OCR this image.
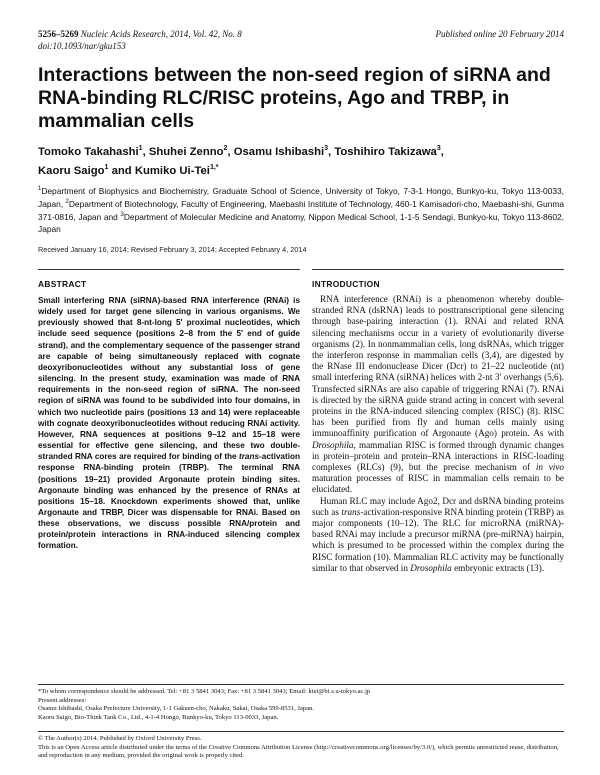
5256–5269 Nucleic Acids Research, 2014, Vol. 42, No. 8	Published online 20 February 2014
doi:10.1093/nar/gku153
Interactions between the non-seed region of siRNA and RNA-binding RLC/RISC proteins, Ago and TRBP, in mammalian cells
Tomoko Takahashi$^1$, Shuhei Zenno$^2$, Osamu Ishibashi$^3$, Toshihiro Takizawa$^3$,
Kaoru Saigo$^1$ and Kumiko Ui-Tei$^{1,*}$
$^1$Department of Biophysics and Biochemistry, Graduate School of Science, University of Tokyo, 7-3-1 Hongo, Bunkyo-ku, Tokyo 113-0033, Japan, $^2$Department of Biotechnology, Faculty of Engineering, Maebashi Institute of Technology, 460-1 Kamisadori-cho, Maebashi-shi, Gunma 371-0816, Japan and $^3$Department of Molecular Medicine and Anatomy, Nippon Medical School, 1-1-5 Sendagi, Bunkyo-ku, Tokyo 113-8602, Japan
Received January 16, 2014; Revised February 3, 2014; Accepted February 4, 2014
ABSTRACT	INTRODUCTION

Small interfering RNA (siRNA)-based RNA interference (RNAi) is widely used for target gene silencing in various organisms. We previously showed that 8-nt-long 5′ proximal nucleotides, which include seed sequence (positions 2–8 from the 5′ end of guide strand), and the complementary sequence of the passenger strand are capable of being simultaneously replaced with cognate deoxyribonucleotides without any substantial loss of gene silencing. In the present study, examination was made of RNA requirements in the non-seed region of siRNA. The non-seed region of siRNA was found to be subdivided into four domains, in which two nucleotide pairs (positions 13 and 14) were replaceable with cognate deoxyribonucleotides without reducing RNAi activity. However, RNA sequences at positions 9–12 and 15–18 were essential for effective gene silencing, and these two double-stranded RNA cores are required for binding of the trans-activation response RNA-binding protein (TRBP). The terminal RNA (positions 19–21) provided Argonaute protein binding sites. Argonaute binding was enhanced by the presence of RNAs at positions 15–18. Knockdown experiments showed that, unlike Argonaute and TRBP, Dicer was dispensable for RNAi. Based on these observations, we discuss possible RNA/protein and protein/protein interactions in RNA-induced silencing complex formation.

RNA interference (RNAi) is a phenomenon whereby double-stranded RNA (dsRNA) leads to posttranscriptional gene silencing through base-pairing interaction (1). RNAi and related RNA silencing mechanisms occur in a variety of evolutionarily diverse organisms (2). In nonmammalian cells, long dsRNAs, which trigger the interferon response in mammalian cells (3,4), are digested by the RNase III endonuclease Dicer (Dcr) to 21–22 nucleotide (nt) small interfering RNA (siRNA) helices with 2-nt 3′ overhangs (5,6). Transfected siRNAs are also capable of triggering RNAi (7). RNAi is directed by the siRNA guide strand acting in concert with several proteins in the RNA-induced silencing complex (RISC) (8). RISC has been purified from fly and human cells mainly using immunoaffinity purification of Argonaute (Ago) protein. As with Drosophila, mammalian RISC is formed through dynamic changes in protein–protein and protein–RNA interactions in RISC-loading complexes (RLCs) (9), but the precise mechanism of in vivo maturation processes of RISC in mammalian cells remain to be elucidated.

Human RLC may include Ago2, Dcr and dsRNA binding proteins such as trans-activation-responsive RNA binding protein (TRBP) as major components (10–12). The RLC for microRNA (miRNA)-based RNAi may include a precursor miRNA (pre-miRNA) hairpin, which is presumed to be processed within the complex during the RISC formation (10). Mammalian RLC activity may be functionally similar to that observed in Drosophila embryonic extracts (13).

*To whom correspondence should be addressed. Tel: +81 3 5841 3043; Fax: +81 3 5841 3043; Email: ktei@bi.s.u-tokyo.ac.jp

Present addresses:

Osamu Ishibashi, Osaka Prefecture University, 1-1 Gakuen-cho, Nakaku, Sakai, Osaka 599-8531, Japan.

Kaoru Saigo, Bio-Think Tank Co., Ltd., 4-1-4 Hongo, Bunkyo-ku, Tokyo 113-0033, Japan.

© The Author(s) 2014. Published by Oxford University Press.

This is an Open Access article distributed under the terms of the Creative Commons Attribution License (http://creativecommons.org/licenses/by/3.0/), which permits unrestricted reuse, distribution, and reproduction in any medium, provided the original work is properly cited.
